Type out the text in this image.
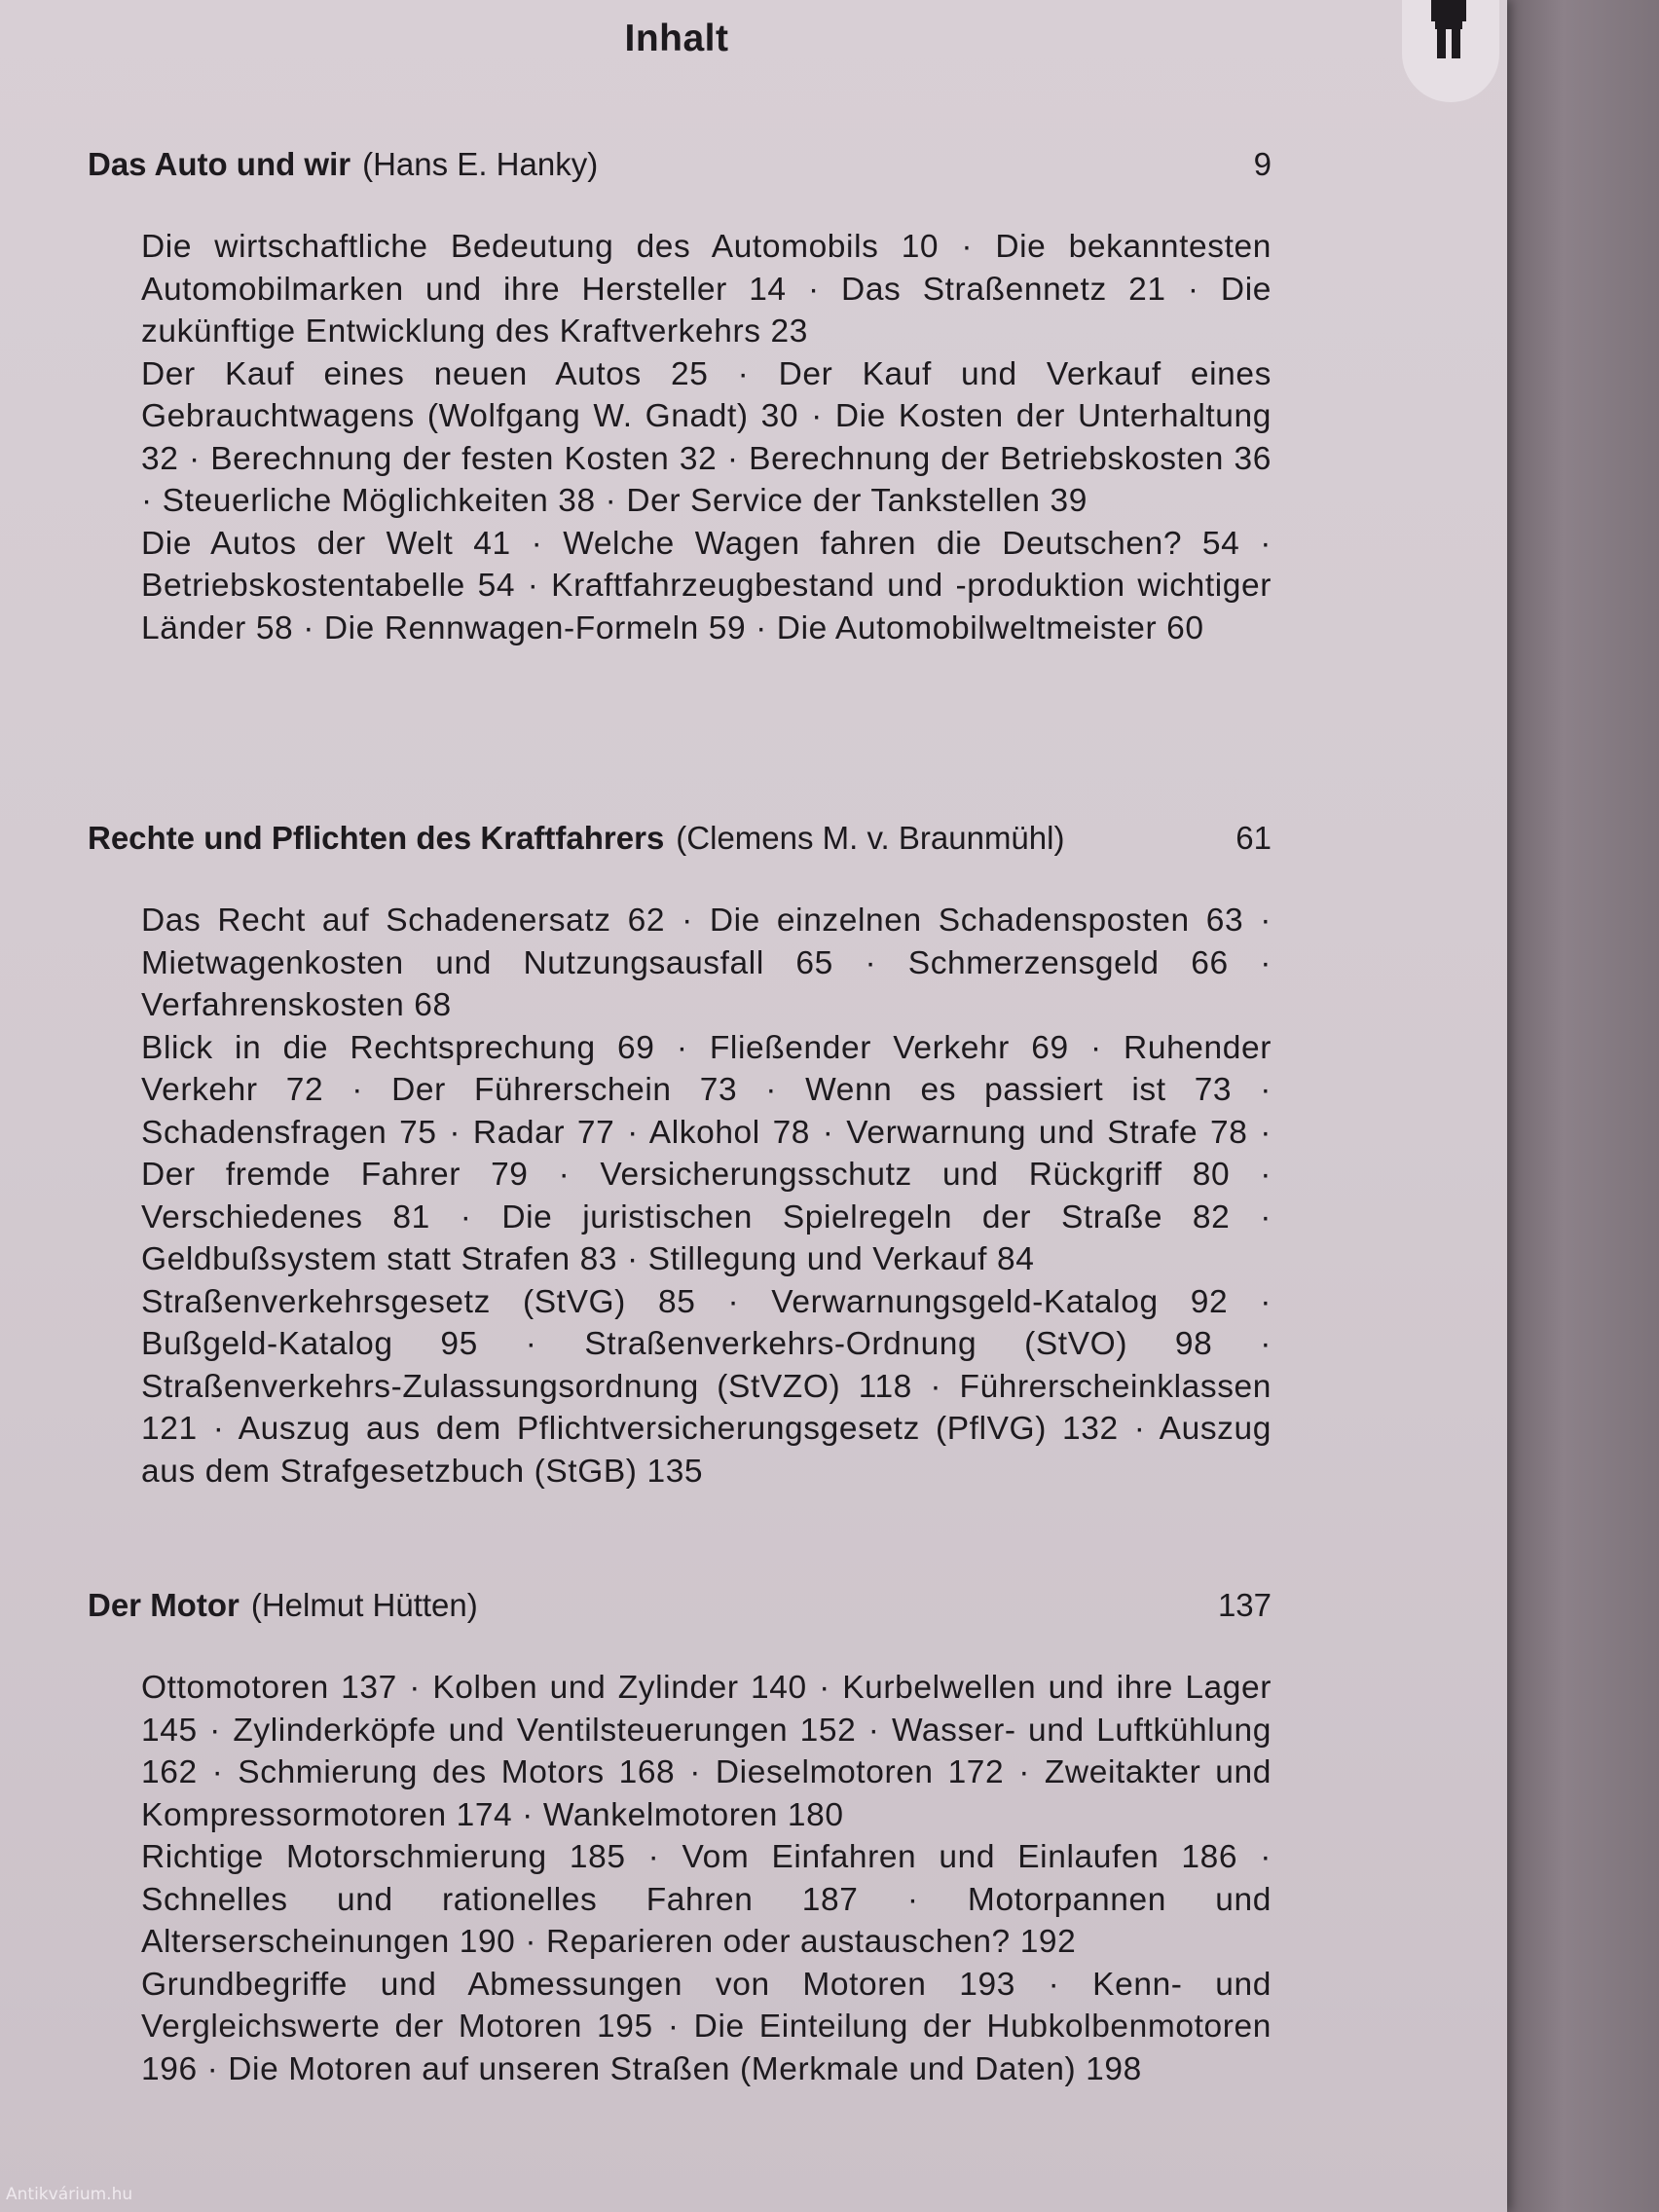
Inhalt
Das Auto und wir (Hans E. Hanky)	9
Die wirtschaftliche Bedeutung des Automobils 10 · Die bekanntesten Automobilmarken und ihre Hersteller 14 · Das Straßennetz 21 · Die zukünftige Entwicklung des Kraftverkehrs 23
Der Kauf eines neuen Autos 25 · Der Kauf und Verkauf eines Gebrauchtwagens (Wolfgang W. Gnadt) 30 · Die Kosten der Unterhaltung 32 · Berechnung der festen Kosten 32 · Berechnung der Betriebskosten 36 · Steuerliche Möglichkeiten 38 · Der Service der Tankstellen 39
Die Autos der Welt 41 · Welche Wagen fahren die Deutschen? 54 · Betriebskostentabelle 54 · Kraftfahrzeugbestand und -produktion wichtiger Länder 58 · Die Rennwagen-Formeln 59 · Die Automobilweltmeister 60
Rechte und Pflichten des Kraftfahrers (Clemens M. v. Braunmühl)	61
Das Recht auf Schadenersatz 62 · Die einzelnen Schadensposten 63 · Mietwagenkosten und Nutzungsausfall 65 · Schmerzensgeld 66 · Verfahrenskosten 68
Blick in die Rechtsprechung 69 · Fließender Verkehr 69 · Ruhender Verkehr 72 · Der Führerschein 73 · Wenn es passiert ist 73 · Schadensfragen 75 · Radar 77 · Alkohol 78 · Verwarnung und Strafe 78 · Der fremde Fahrer 79 · Versicherungsschutz und Rückgriff 80 · Verschiedenes 81 · Die juristischen Spielregeln der Straße 82 · Geldbußsystem statt Strafen 83 · Stillegung und Verkauf 84
Straßenverkehrsgesetz (StVG) 85 · Verwarnungsgeld-Katalog 92 · Bußgeld-Katalog 95 · Straßenverkehrs-Ordnung (StVO) 98 · Straßenverkehrs-Zulassungsordnung (StVZO) 118 · Führerscheinklassen 121 · Auszug aus dem Pflichtversicherungsgesetz (PflVG) 132 · Auszug aus dem Strafgesetzbuch (StGB) 135
Der Motor (Helmut Hütten)	137
Ottomotoren 137 · Kolben und Zylinder 140 · Kurbelwellen und ihre Lager 145 · Zylinderköpfe und Ventilsteuerungen 152 · Wasser- und Luftkühlung 162 · Schmierung des Motors 168 · Dieselmotoren 172 · Zweitakter und Kompressormotoren 174 · Wankelmotoren 180
Richtige Motorschmierung 185 · Vom Einfahren und Einlaufen 186 · Schnelles und rationelles Fahren 187 · Motorpannen und Alterserscheinungen 190 · Reparieren oder austauschen? 192
Grundbegriffe und Abmessungen von Motoren 193 · Kenn- und Vergleichswerte der Motoren 195 · Die Einteilung der Hubkolbenmotoren 196 · Die Motoren auf unseren Straßen (Merkmale und Daten) 198
Antikvárium.hu
